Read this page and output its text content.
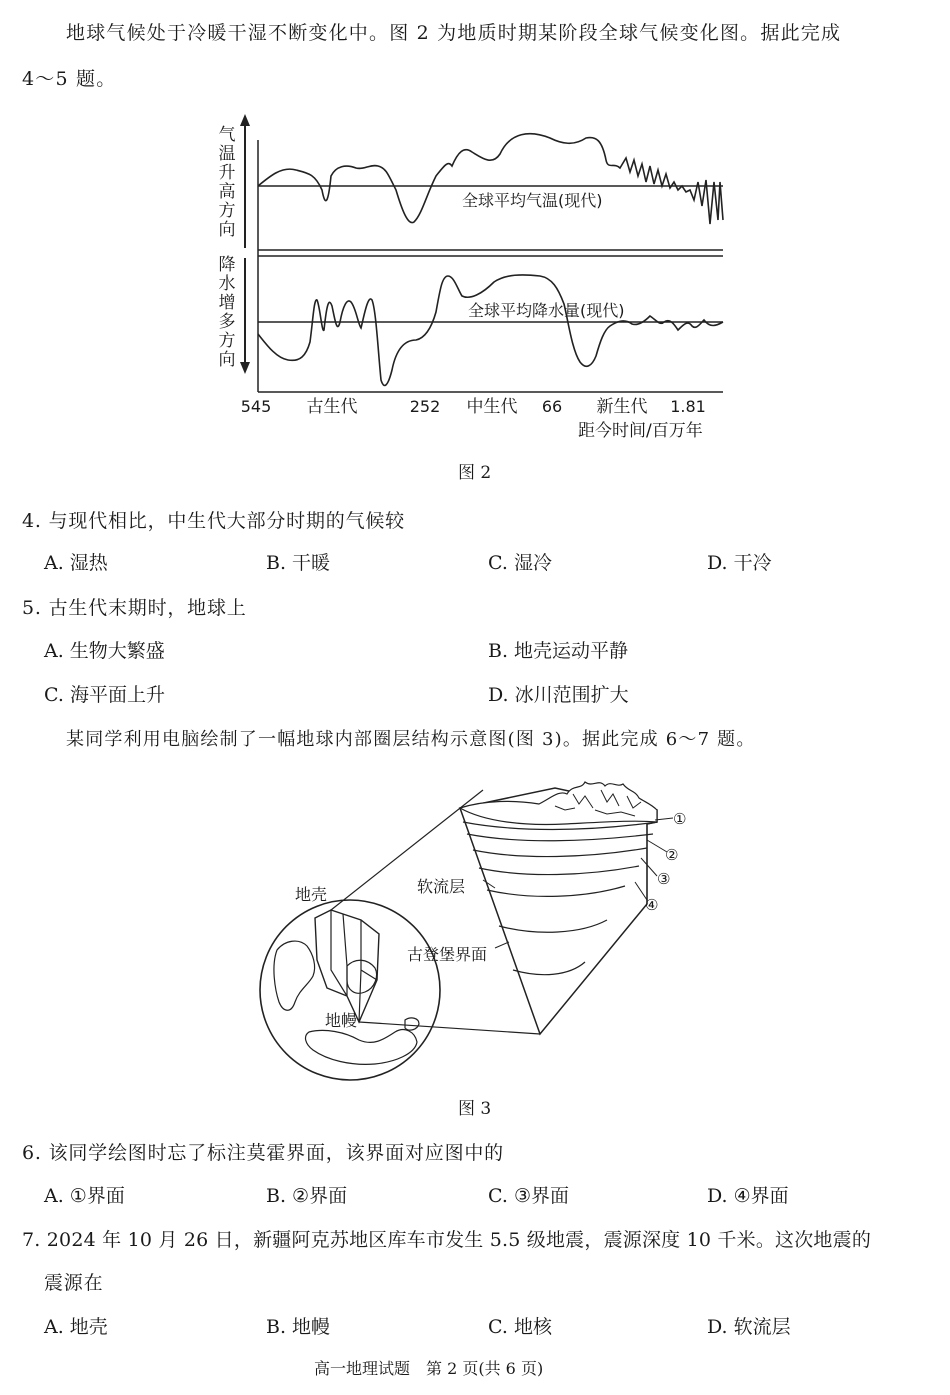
地球气候处于冷暖干湿不断变化中。图 2 为地质时期某阶段全球气候变化图。据此完成
4～5 题。
气温升高方向
降水增多方向
全球平均气温(现代)
全球平均降水量(现代)
545	252	66	1.81
古生代	中生代	新生代
距今时间/百万年
图 2
4. 与现代相比，中生代大部分时期的气候较
A. 湿热	B. 干暖	C. 湿冷	D. 干冷
5. 古生代末期时，地球上
A. 生物大繁盛	B. 地壳运动平静
C. 海平面上升	D. 冰川范围扩大
某同学利用电脑绘制了一幅地球内部圈层结构示意图(图 3)。据此完成 6～7 题。
①
②
③
④
软流层
古登堡界面
地壳
地幔
图 3
6. 该同学绘图时忘了标注莫霍界面，该界面对应图中的
A. ①界面	B. ②界面	C. ③界面	D. ④界面
7. 2024 年 10 月 26 日，新疆阿克苏地区库车市发生 5.5 级地震，震源深度 10 千米。这次地震的
震源在
A. 地壳	B. 地幔	C. 地核	D. 软流层
高一地理试题　第 2 页(共 6 页)
